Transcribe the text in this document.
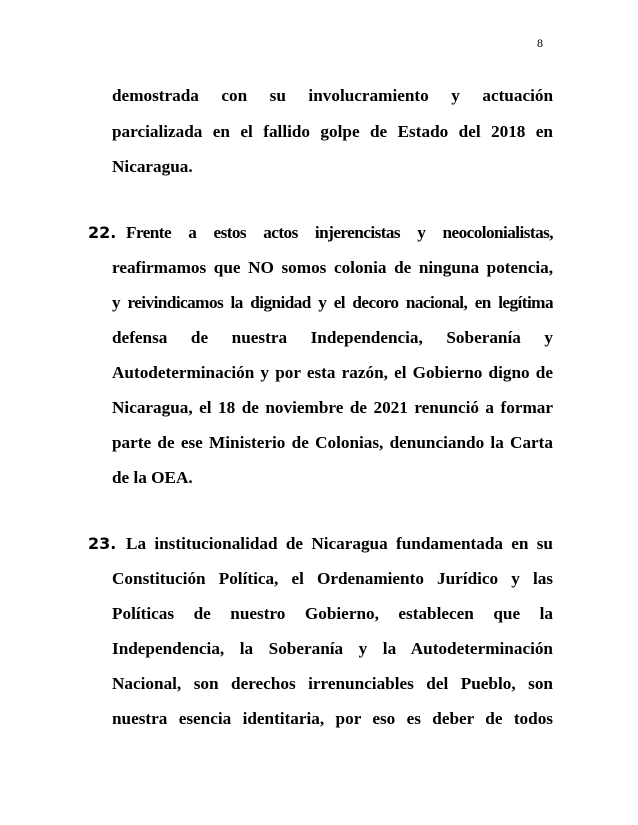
8
demostrada con su involucramiento y actuación
parcializada en el fallido golpe de Estado del 2018 en
Nicaragua.
22. Frente a estos actos injerencistas y neocolonialistas,
reafirmamos que NO somos colonia de ninguna potencia,
y reivindicamos la dignidad y el decoro nacional, en legítima
defensa de nuestra Independencia, Soberanía y
Autodeterminación y por esta razón, el Gobierno digno de
Nicaragua, el 18 de noviembre de 2021 renunció a formar
parte de ese Ministerio de Colonias, denunciando la Carta
de la OEA.
23. La institucionalidad de Nicaragua fundamentada en su
Constitución Política, el Ordenamiento Jurídico y las
Políticas de nuestro Gobierno, establecen que la
Independencia, la Soberanía y la Autodeterminación
Nacional, son derechos irrenunciables del Pueblo, son
nuestra esencia identitaria, por eso es deber de todos
